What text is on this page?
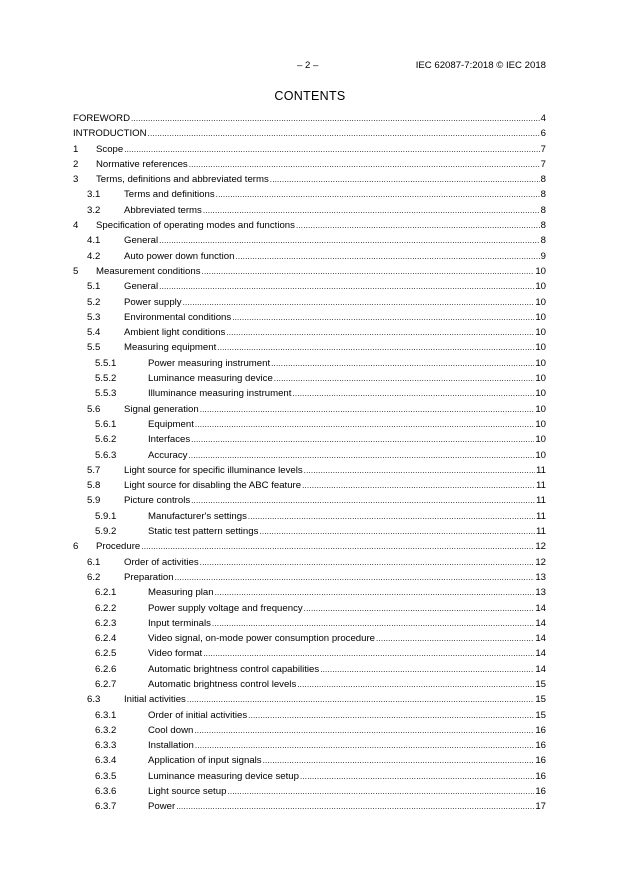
– 2 –	IEC 62087-7:2018 © IEC 2018
CONTENTS
FOREWORD .....	4
INTRODUCTION .....	6
1 Scope .....	7
2 Normative references .....	7
3 Terms, definitions and abbreviated terms .....	8
3.1 Terms and definitions .....	8
3.2 Abbreviated terms .....	8
4 Specification of operating modes and functions .....	8
4.1 General .....	8
4.2 Auto power down function .....	9
5 Measurement conditions .....	10
5.1 General .....	10
5.2 Power supply .....	10
5.3 Environmental conditions .....	10
5.4 Ambient light conditions .....	10
5.5 Measuring equipment .....	10
5.5.1	Power measuring instrument .....	10
5.5.2	Luminance measuring device .....	10
5.5.3	Illuminance measuring instrument .....	10
5.6 Signal generation .....	10
5.6.1	Equipment .....	10
5.6.2	Interfaces .....	10
5.6.3	Accuracy .....	10
5.7 Light source for specific illuminance levels .....	11
5.8 Light source for disabling the ABC feature .....	11
5.9 Picture controls .....	11
5.9.1	Manufacturer's settings .....	11
5.9.2	Static test pattern settings .....	11
6 Procedure .....	12
6.1 Order of activities .....	12
6.2 Preparation .....	13
6.2.1	Measuring plan .....	13
6.2.2	Power supply voltage and frequency .....	14
6.2.3	Input terminals .....	14
6.2.4	Video signal, on-mode power consumption procedure .....	14
6.2.5	Video format .....	14
6.2.6	Automatic brightness control capabilities .....	14
6.2.7	Automatic brightness control levels .....	15
6.3 Initial activities .....	15
6.3.1	Order of initial activities .....	15
6.3.2	Cool down .....	16
6.3.3	Installation .....	16
6.3.4	Application of input signals .....	16
6.3.5	Luminance measuring device setup .....	16
6.3.6	Light source setup .....	16
6.3.7	Power .....	17
